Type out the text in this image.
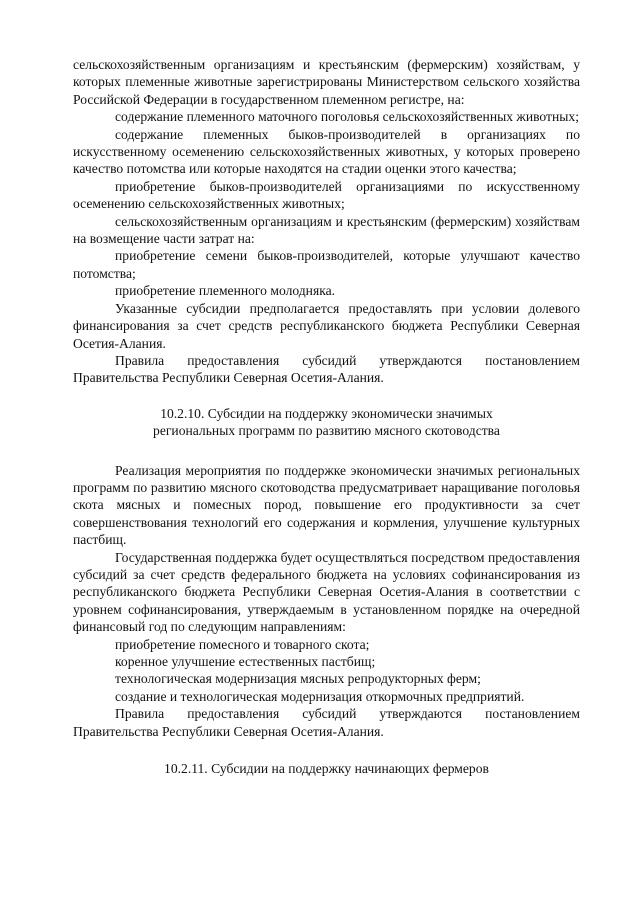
сельскохозяйственным организациям и крестьянским (фермерским) хозяйствам, у которых племенные животные зарегистрированы Министерством сельского хозяйства Российской Федерации в государственном племенном регистре, на:

содержание племенного маточного поголовья сельскохозяйственных животных;

содержание племенных быков-производителей в организациях по искусственному осеменению сельскохозяйственных животных, у которых проверено качество потомства или которые находятся на стадии оценки этого качества;

приобретение быков-производителей организациями по искусственному осеменению сельскохозяйственных животных;

сельскохозяйственным организациям и крестьянским (фермерским) хозяйствам на возмещение части затрат на:

приобретение семени быков-производителей, которые улучшают качество потомства;

приобретение племенного молодняка.

Указанные субсидии предполагается предоставлять при условии долевого финансирования за счет средств республиканского бюджета Республики Северная Осетия-Алания.

Правила предоставления субсидий утверждаются постановлением Правительства Республики Северная Осетия-Алания.

10.2.10. Субсидии на поддержку экономически значимых
региональных программ по развитию мясного скотоводства

Реализация мероприятия по поддержке экономически значимых региональных программ по развитию мясного скотоводства предусматривает наращивание поголовья скота мясных и помесных пород, повышение его продуктивности за счет совершенствования технологий его содержания и кормления, улучшение культурных пастбищ.

Государственная поддержка будет осуществляться посредством предоставления субсидий за счет средств федерального бюджета на условиях софинансирования из республиканского бюджета Республики Северная Осетия-Алания в соответствии с уровнем софинансирования, утверждаемым в установленном порядке на очередной финансовый год по следующим направлениям:

приобретение помесного и товарного скота;

коренное улучшение естественных пастбищ;

технологическая модернизация мясных репродукторных ферм;

создание и технологическая модернизация откормочных предприятий.

Правила предоставления субсидий утверждаются постановлением Правительства Республики Северная Осетия-Алания.

10.2.11. Субсидии на поддержку начинающих фермеров
